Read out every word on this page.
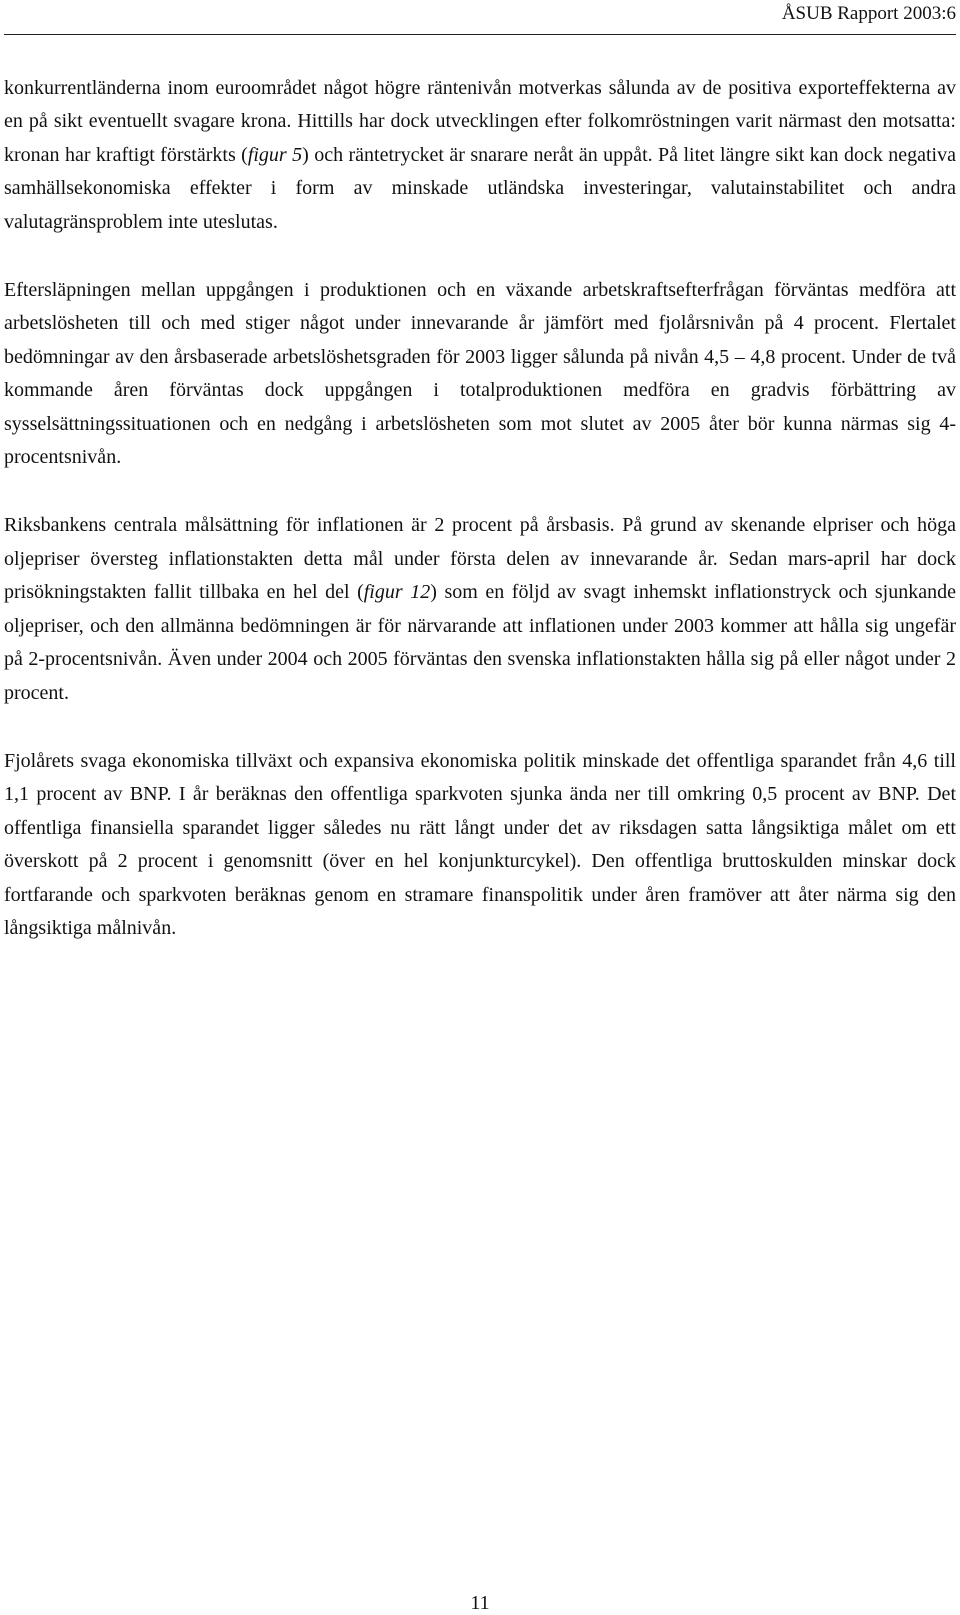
ÅSUB Rapport 2003:6

konkurrentländerna inom euroområdet något högre räntenivån motverkas sålunda av de positiva exporteffekterna av en på sikt eventuellt svagare krona. Hittills har dock utvecklingen efter folkomröstningen varit närmast den motsatta: kronan har kraftigt förstärkts (figur 5) och räntetrycket är snarare neråt än uppåt. På litet längre sikt kan dock negativa samhällsekonomiska effekter i form av minskade utländska investeringar, valutainstabilitet och andra valutagränsproblem inte uteslutas.

Eftersläpningen mellan uppgången i produktionen och en växande arbetskraftsefterfrågan förväntas medföra att arbetslösheten till och med stiger något under innevarande år jämfört med fjolårsnivån på 4 procent. Flertalet bedömningar av den årsbaserade arbetslöshetsgraden för 2003 ligger sålunda på nivån 4,5 – 4,8 procent. Under de två kommande åren förväntas dock uppgången i totalproduktionen medföra en gradvis förbättring av sysselsättningssituationen och en nedgång i arbetslösheten som mot slutet av 2005 åter bör kunna närmas sig 4-procentsnivån.

Riksbankens centrala målsättning för inflationen är 2 procent på årsbasis. På grund av skenande elpriser och höga oljepriser översteg inflationstakten detta mål under första delen av innevarande år. Sedan mars-april har dock prisökningstakten fallit tillbaka en hel del (figur 12) som en följd av svagt inhemskt inflationstryck och sjunkande oljepriser, och den allmänna bedömningen är för närvarande att inflationen under 2003 kommer att hålla sig ungefär på 2-procentsnivån. Även under 2004 och 2005 förväntas den svenska inflationstakten hålla sig på eller något under 2 procent.

Fjolårets svaga ekonomiska tillväxt och expansiva ekonomiska politik minskade det offentliga sparandet från 4,6 till 1,1 procent av BNP. I år beräknas den offentliga sparkvoten sjunka ända ner till omkring 0,5 procent av BNP. Det offentliga finansiella sparandet ligger således nu rätt långt under det av riksdagen satta långsiktiga målet om ett överskott på 2 procent i genomsnitt (över en hel konjunkturcykel). Den offentliga bruttoskulden minskar dock fortfarande och sparkvoten beräknas genom en stramare finanspolitik under åren framöver att åter närma sig den långsiktiga målnivån.

11
